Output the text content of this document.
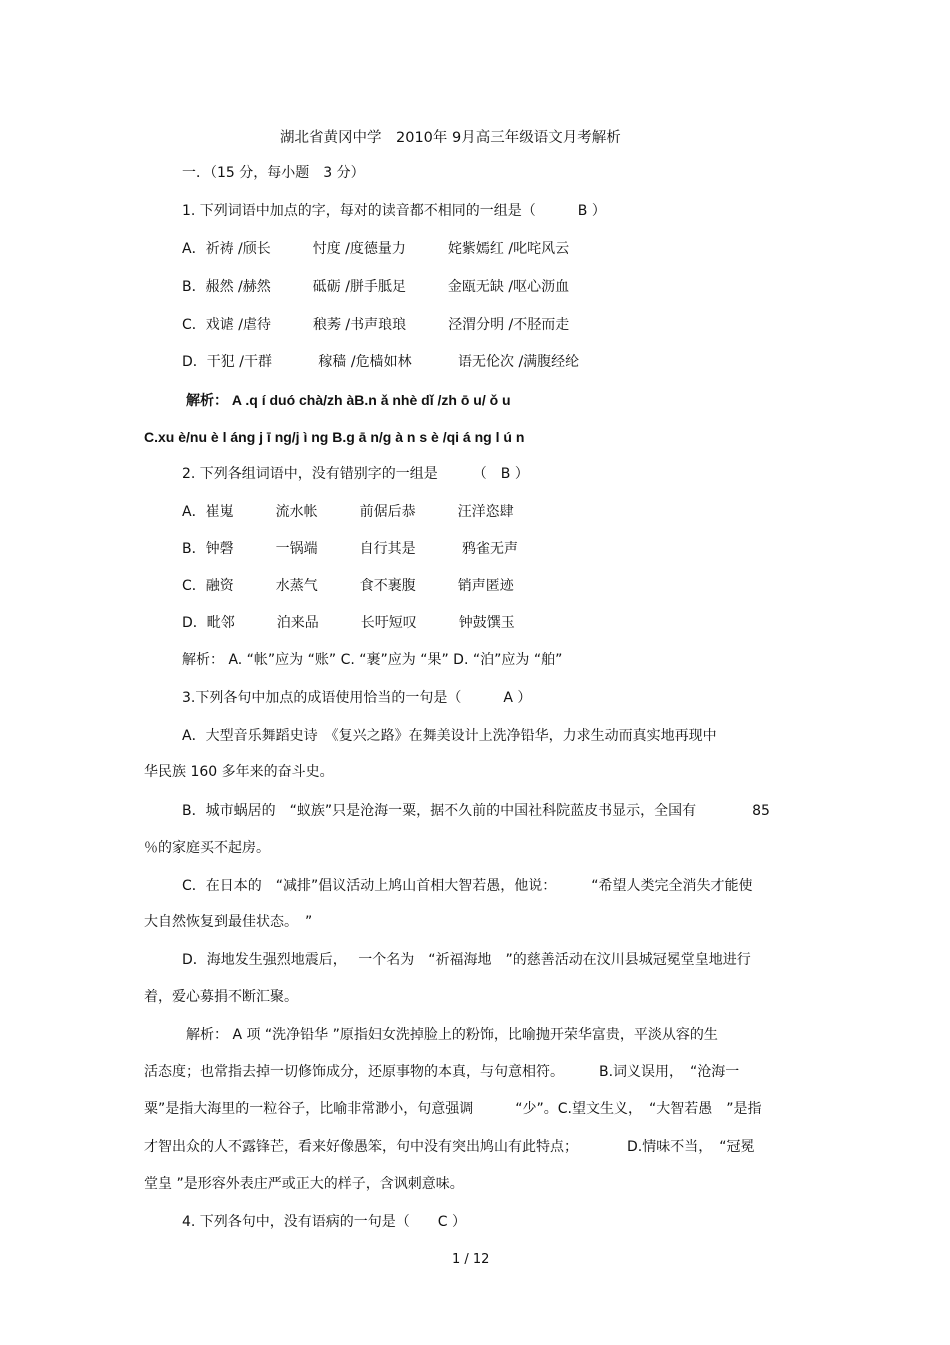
湖北省黄冈中学　2010年 9月高三年级语文月考解析
一．（15 分，每小题　3 分）
1. 下列词语中加点的字，每对的读音都不相同的一组是（　　　B ）
A．祈祷 /颀长　　　忖度 /度德量力　　　姹紫嫣红 /叱咤风云
B．赧然 /赫然　　　砥砺 /胼手胝足　　　金瓯无缺 /呕心沥血
C．戏谑 /虐待　　　稂莠 /书声琅琅　　　泾渭分明 /不胫而走
D．干犯 /干群　　　 稼穑 /危樯如林　　　 语无伦次 /满腹经纶
解析： A .q í duó chà/zh àB.n ǎ nhè dǐ /zh ō u/ ǒ u
C.xu è/nu è l áng j ī ng/j ì ng B.g ā n/g à n s è /qi á ng l ú n
2. 下列各组词语中，没有错别字的一组是　　　（　B ）
A．崔嵬　　　流水帐　　　前倨后恭　　　汪洋恣肆
B．钟磬　　　一锅端　　　自行其是　　　 鸦雀无声
C．融资　　　水蒸气　　　食不裹腹　　　销声匿迹
D．毗邻　　　泊来品　　　长吁短叹　　　钟鼓馔玉
解析： A. “帐”应为 “账” C. “裹”应为 “果” D. “泊”应为 “舶”
3.下列各句中加点的成语使用恰当的一句是（　　　A ）
A．大型音乐舞蹈史诗　《复兴之路》在舞美设计上洗净铅华，力求生动而真实地再现中
华民族 160 多年来的奋斗史。
B．城市蜗居的　“蚁族”只是沧海一粟，据不久前的中国社科院蓝皮书显示，全国有　　　　85
％的家庭买不起房。
C．在日本的　“减排”倡议活动上鸠山首相大智若愚，他说：　　　“希望人类完全消失才能使
大自然恢复到最佳状态。　”
D．海地发生强烈地震后，　 一个名为　“祈福海地　”的慈善活动在汶川县城冠冕堂皇地进行
着，爱心募捐不断汇聚。
解析： A 项 “洗净铅华 ”原指妇女洗掉脸上的粉饰，比喻抛开荣华富贵，平淡从容的生
活态度；也常指去掉一切修饰成分，还原事物的本真，与句意相符。　　　B.词义误用，　“沧海一
粟”是指大海里的一粒谷子，比喻非常渺小，句意强调　　　“少”。C.望文生义，　“大智若愚　”是指
才智出众的人不露锋芒，看来好像愚笨，句中没有突出鸠山有此特点；　　　　D.情味不当，　“冠冕
堂皇 ”是形容外表庄严或正大的样子，含讽刺意味。
4. 下列各句中，没有语病的一句是（　　C ）
1 / 12
